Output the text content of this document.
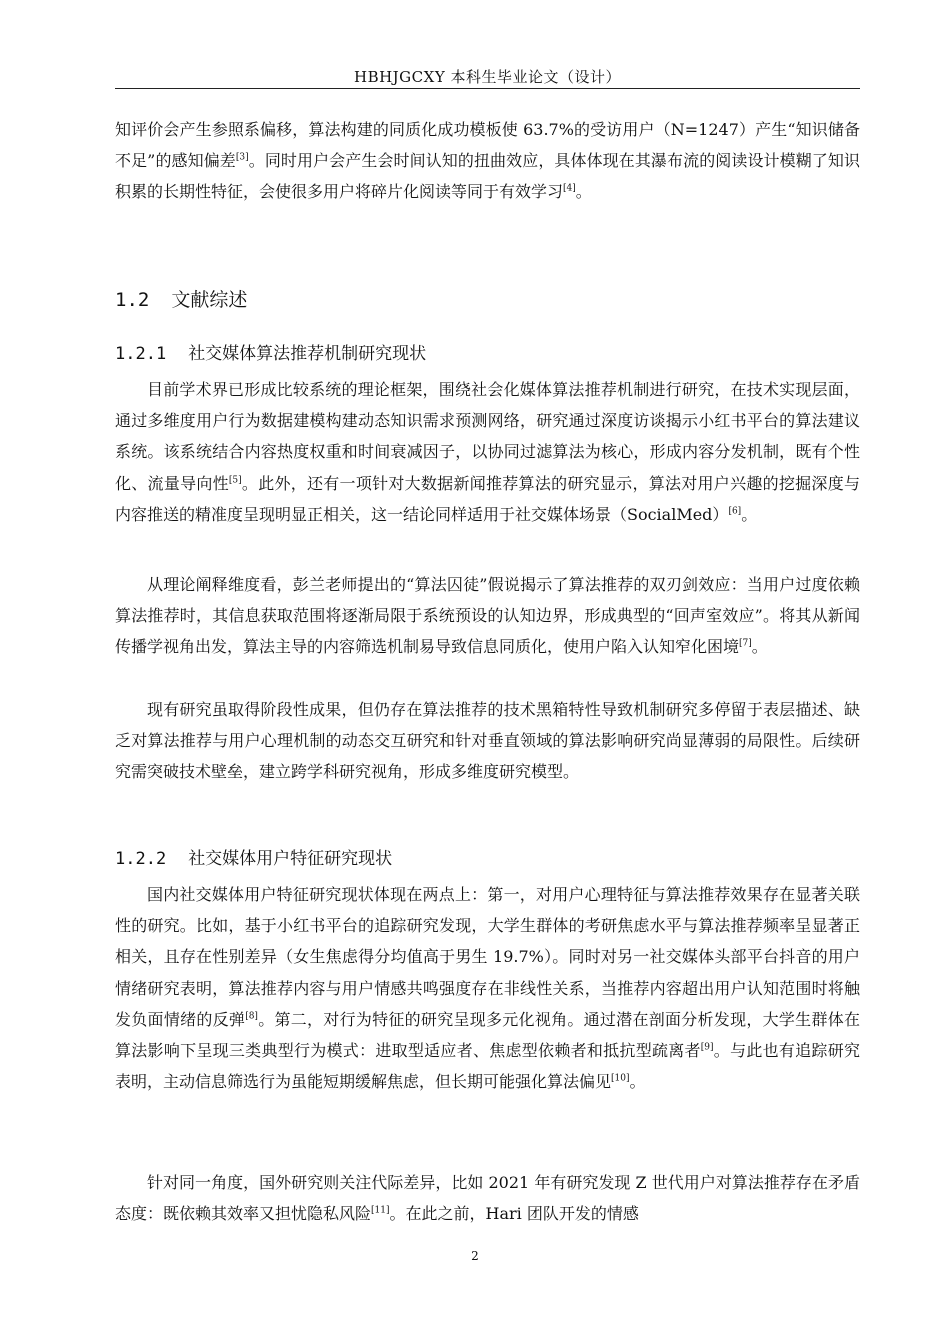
HBHJGCXY 本科生毕业论文（设计）

知评价会产生参照系偏移，算法构建的同质化成功模板使 63.7%的受访用户（N=1247）产生“知识储备不足”的感知偏差[3]。同时用户会产生会时间认知的扭曲效应，具体体现在其瀑布流的阅读设计模糊了知识积累的长期性特征，会使很多用户将碎片化阅读等同于有效学习[4]。

1.2 文献综述

1.2.1 社交媒体算法推荐机制研究现状

目前学术界已形成比较系统的理论框架，围绕社会化媒体算法推荐机制进行研究，在技术实现层面，通过多维度用户行为数据建模构建动态知识需求预测网络，研究通过深度访谈揭示小红书平台的算法建议系统。该系统结合内容热度权重和时间衰减因子，以协同过滤算法为核心，形成内容分发机制，既有个性化、流量导向性[5]。此外，还有一项针对大数据新闻推荐算法的研究显示，算法对用户兴趣的挖掘深度与内容推送的精准度呈现明显正相关，这一结论同样适用于社交媒体场景（SocialMed）[6]。

从理论阐释维度看，彭兰老师提出的“算法囚徒”假说揭示了算法推荐的双刃剑效应：当用户过度依赖算法推荐时，其信息获取范围将逐渐局限于系统预设的认知边界，形成典型的“回声室效应”。将其从新闻传播学视角出发，算法主导的内容筛选机制易导致信息同质化，使用户陷入认知窄化困境[7]。

现有研究虽取得阶段性成果，但仍存在算法推荐的技术黑箱特性导致机制研究多停留于表层描述、缺乏对算法推荐与用户心理机制的动态交互研究和针对垂直领域的算法影响研究尚显薄弱的局限性。后续研究需突破技术壁垒，建立跨学科研究视角，形成多维度研究模型。

1.2.2 社交媒体用户特征研究现状

国内社交媒体用户特征研究现状体现在两点上：第一，对用户心理特征与算法推荐效果存在显著关联性的研究。比如，基于小红书平台的追踪研究发现，大学生群体的考研焦虑水平与算法推荐频率呈显著正相关，且存在性别差异（女生焦虑得分均值高于男生 19.7%）。同时对另一社交媒体头部平台抖音的用户情绪研究表明，算法推荐内容与用户情感共鸣强度存在非线性关系，当推荐内容超出用户认知范围时将触发负面情绪的反弹[8]。第二，对行为特征的研究呈现多元化视角。通过潜在剖面分析发现，大学生群体在算法影响下呈现三类典型行为模式：进取型适应者、焦虑型依赖者和抵抗型疏离者[9]。与此也有追踪研究表明，主动信息筛选行为虽能短期缓解焦虑，但长期可能强化算法偏见[10]。

针对同一角度，国外研究则关注代际差异，比如 2021 年有研究发现 Z 世代用户对算法推荐存在矛盾态度：既依赖其效率又担忧隐私风险[11]。在此之前，Hari 团队开发的情感

2
